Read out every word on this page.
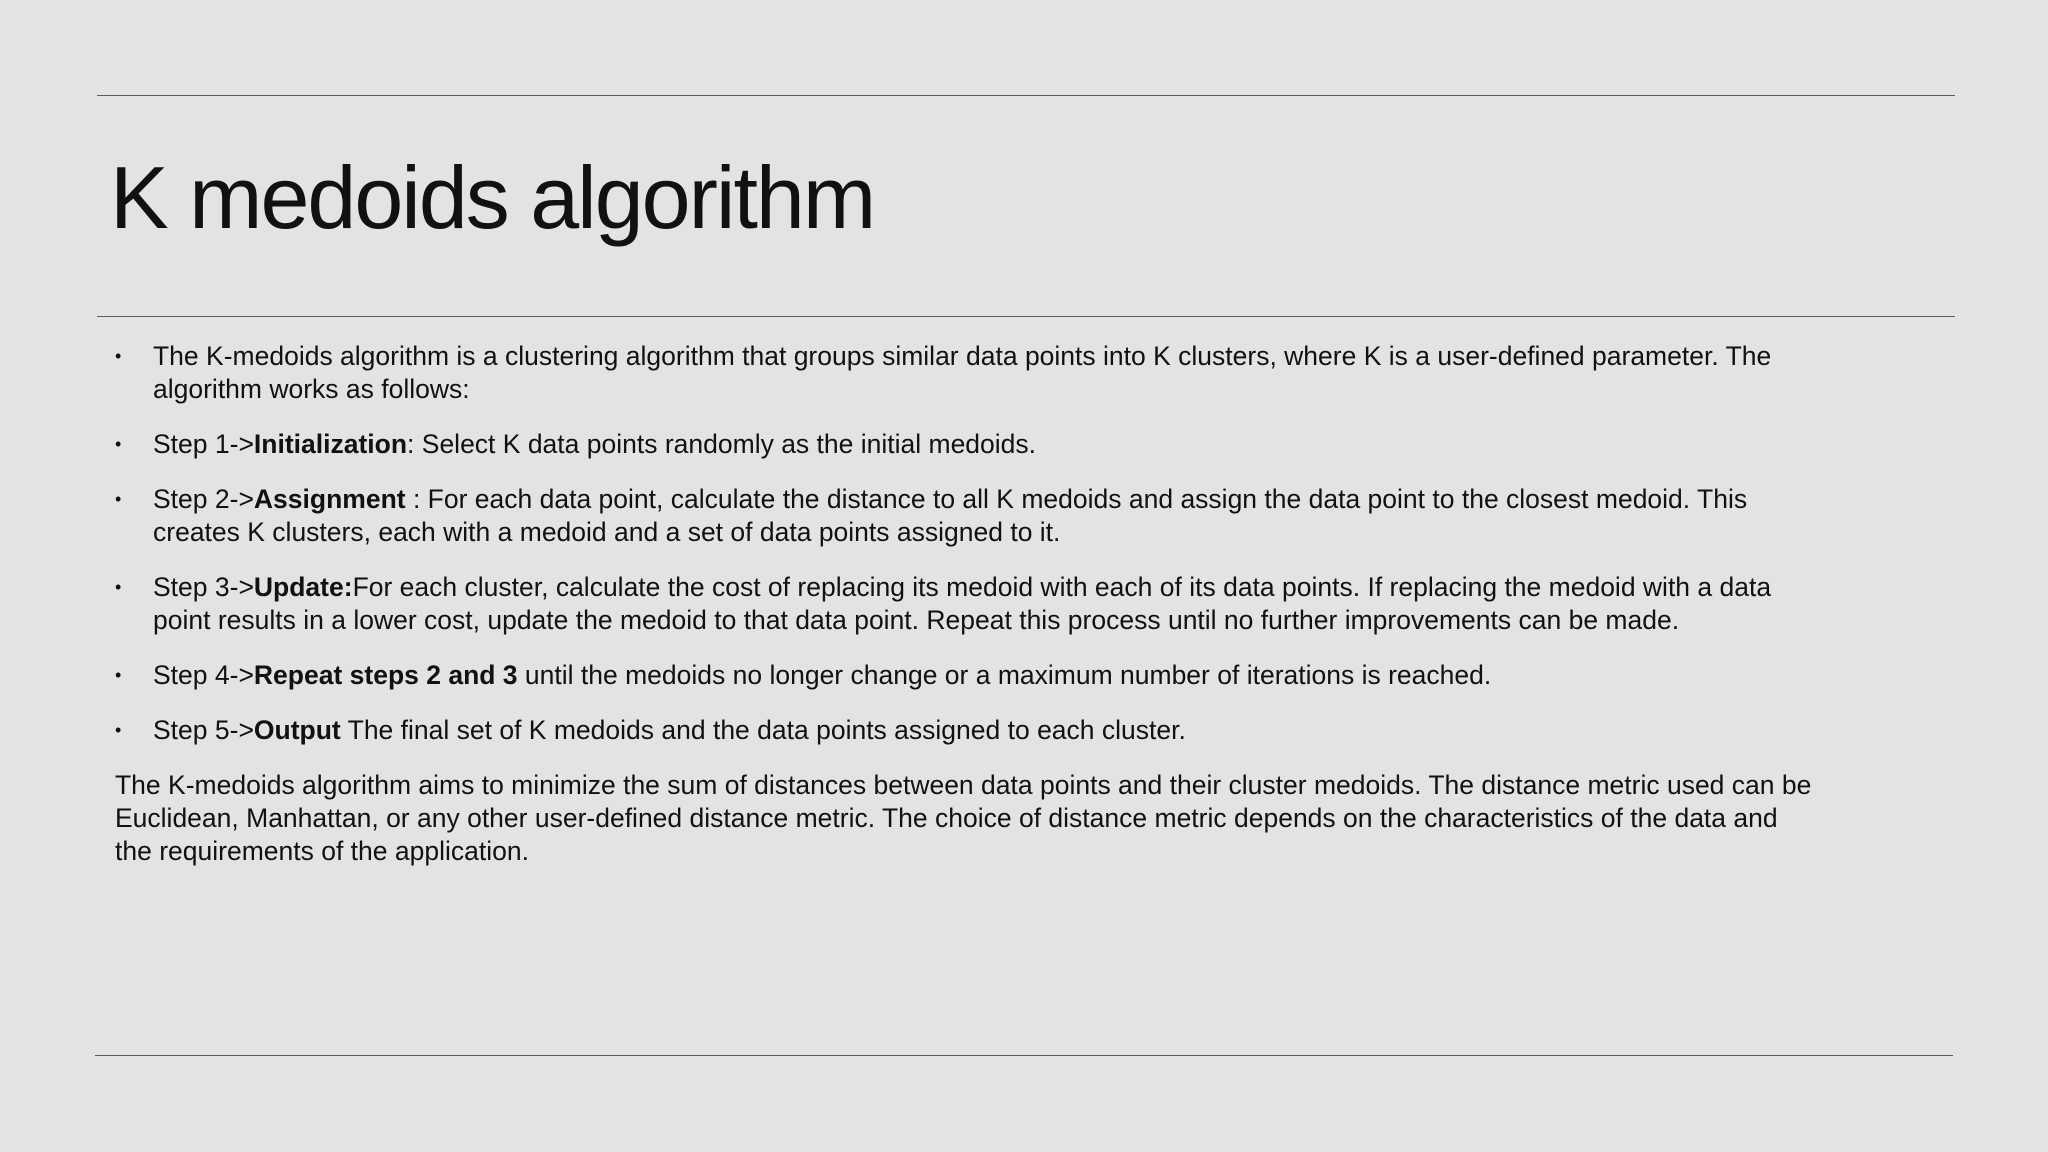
K medoids algorithm
• The K-medoids algorithm is a clustering algorithm that groups similar data points into K clusters, where K is a user-defined parameter. The algorithm works as follows:
• Step 1->Initialization: Select K data points randomly as the initial medoids.
• Step 2->Assignment : For each data point, calculate the distance to all K medoids and assign the data point to the closest medoid. This creates K clusters, each with a medoid and a set of data points assigned to it.
• Step 3->Update:For each cluster, calculate the cost of replacing its medoid with each of its data points. If replacing the medoid with a data point results in a lower cost, update the medoid to that data point. Repeat this process until no further improvements can be made.
• Step 4->Repeat steps 2 and 3 until the medoids no longer change or a maximum number of iterations is reached.
• Step 5->Output The final set of K medoids and the data points assigned to each cluster.

The K-medoids algorithm aims to minimize the sum of distances between data points and their cluster medoids. The distance metric used can be Euclidean, Manhattan, or any other user-defined distance metric. The choice of distance metric depends on the characteristics of the data and the requirements of the application.
